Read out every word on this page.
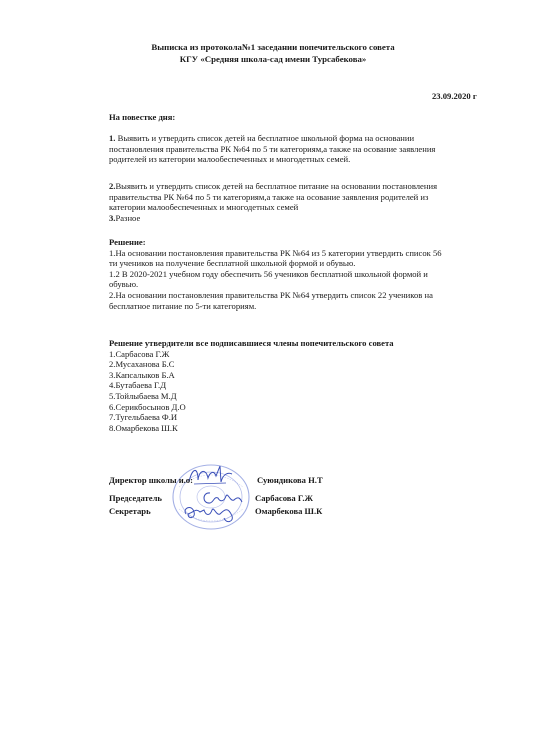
Выписка из протокола№1 заседании попечительского совета
КГУ «Средняя школа-сад имени Турсабекова»
23.09.2020 г
На повестке дня:
1. Выявить и утвердить список детей на бесплатное школьной форма на основании
постановления правительства РК №64 по 5 ти категориям,а также на осование заявления
родителей из категории малообеспеченных и многодетных семей.
2.Выявить и утвердить список детей на бесплатное питание на основании постановления
правительства РК №64 по 5 ти категориям,а также на осование заявления родителей из
категории малообеспеченных и многодетных семей
3.Разное
Решение:
1.На основании постановления правительства РК №64 из 5 категории утвердить список 56
ти учеников на получение бесплатной школьной формой и обувью.
1.2 В 2020-2021 учебном году обеспечить 56 учеников бесплатной школьной формой и
обувью.
2.На основании постановления правительства РК №64 утвердить список 22 учеников на
бесплатное питание по 5-ти категориям.
Решение утвердители все подписавшиеся члены попечительского совета
1.Сарбасова Г.Ж
2.Мусаханова Б.С
3.Капсалыков Б.А
4.Бутабаева Г.Д
5.Тойлыбаева М.Д
6.Серикбосынов Д.О
7.Тугельбаева Ф.И
8.Омарбекова Ш.К
Директор школы и.о:	Суюндикова Н.Т
Председатель	Сарбасова Г.Ж
Секретарь	Омарбекова Ш.К
